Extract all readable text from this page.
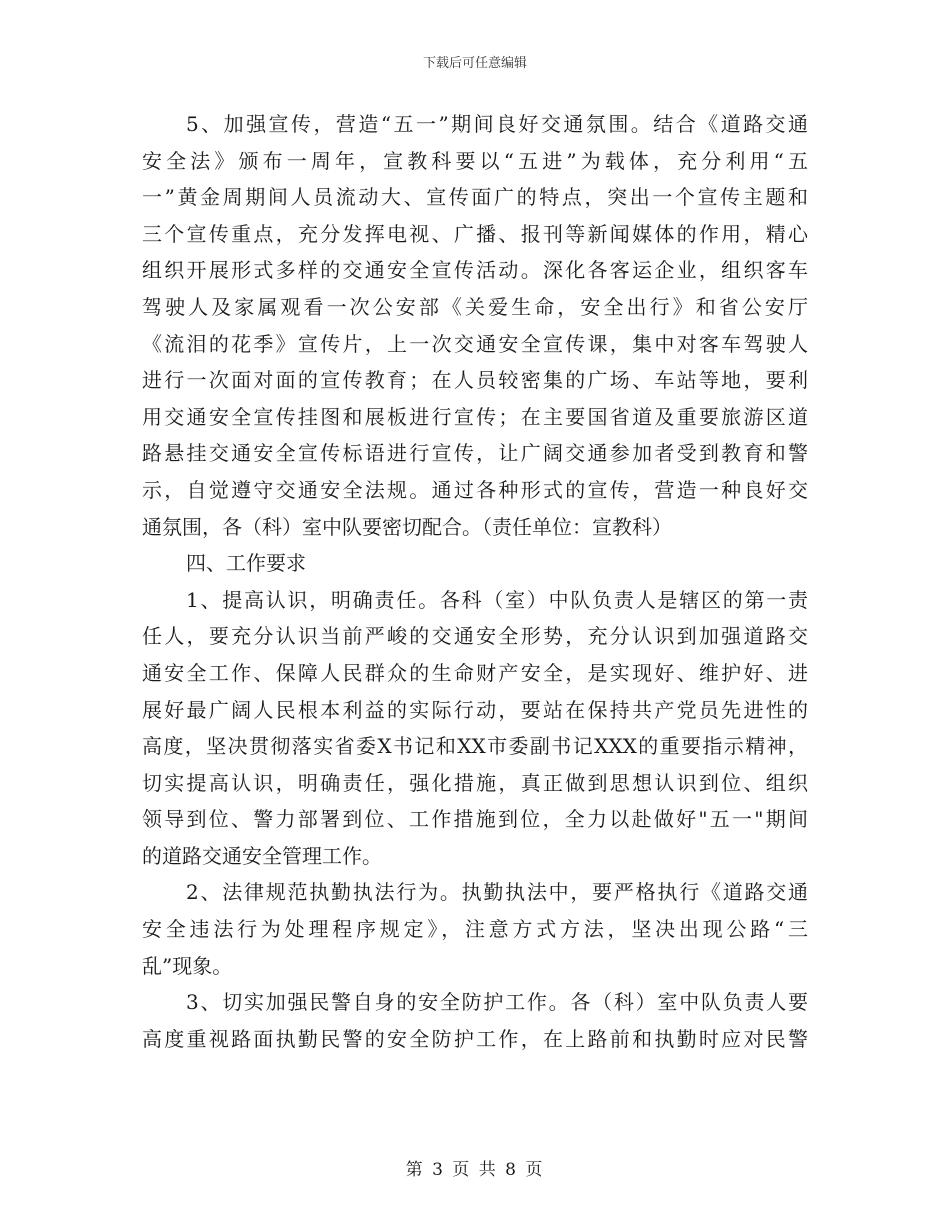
下载后可任意编辑
5、加强宣传，营造“五一”期间良好交通氛围。结合《道路交通
安全法》颁布一周年，宣教科要以“五进”为载体，充分利用“五
一”黄金周期间人员流动大、宣传面广的特点，突出一个宣传主题和
三个宣传重点，充分发挥电视、广播、报刊等新闻媒体的作用，精心
组织开展形式多样的交通安全宣传活动。深化各客运企业，组织客车
驾驶人及家属观看一次公安部《关爱生命，安全出行》和省公安厅
《流泪的花季》宣传片，上一次交通安全宣传课，集中对客车驾驶人
进行一次面对面的宣传教育；在人员较密集的广场、车站等地，要利
用交通安全宣传挂图和展板进行宣传；在主要国省道及重要旅游区道
路悬挂交通安全宣传标语进行宣传，让广阔交通参加者受到教育和警
示，自觉遵守交通安全法规。通过各种形式的宣传，营造一种良好交
通氛围，各（科）室中队要密切配合。（责任单位：宣教科）
四、工作要求
1、提高认识，明确责任。各科（室）中队负责人是辖区的第一责
任人，要充分认识当前严峻的交通安全形势，充分认识到加强道路交
通安全工作、保障人民群众的生命财产安全，是实现好、维护好、进
展好最广阔人民根本利益的实际行动，要站在保持共产党员先进性的
高度，坚决贯彻落实省委X书记和XX市委副书记XXX的重要指示精神，
切实提高认识，明确责任，强化措施，真正做到思想认识到位、组织
领导到位、警力部署到位、工作措施到位，全力以赴做好"五一"期间
的道路交通安全管理工作。
2、法律规范执勤执法行为。执勤执法中，要严格执行《道路交通
安全违法行为处理程序规定》，注意方式方法，坚决出现公路“三
乱”现象。
3、切实加强民警自身的安全防护工作。各（科）室中队负责人要
高度重视路面执勤民警的安全防护工作，在上路前和执勤时应对民警
第 3 页 共 8 页
